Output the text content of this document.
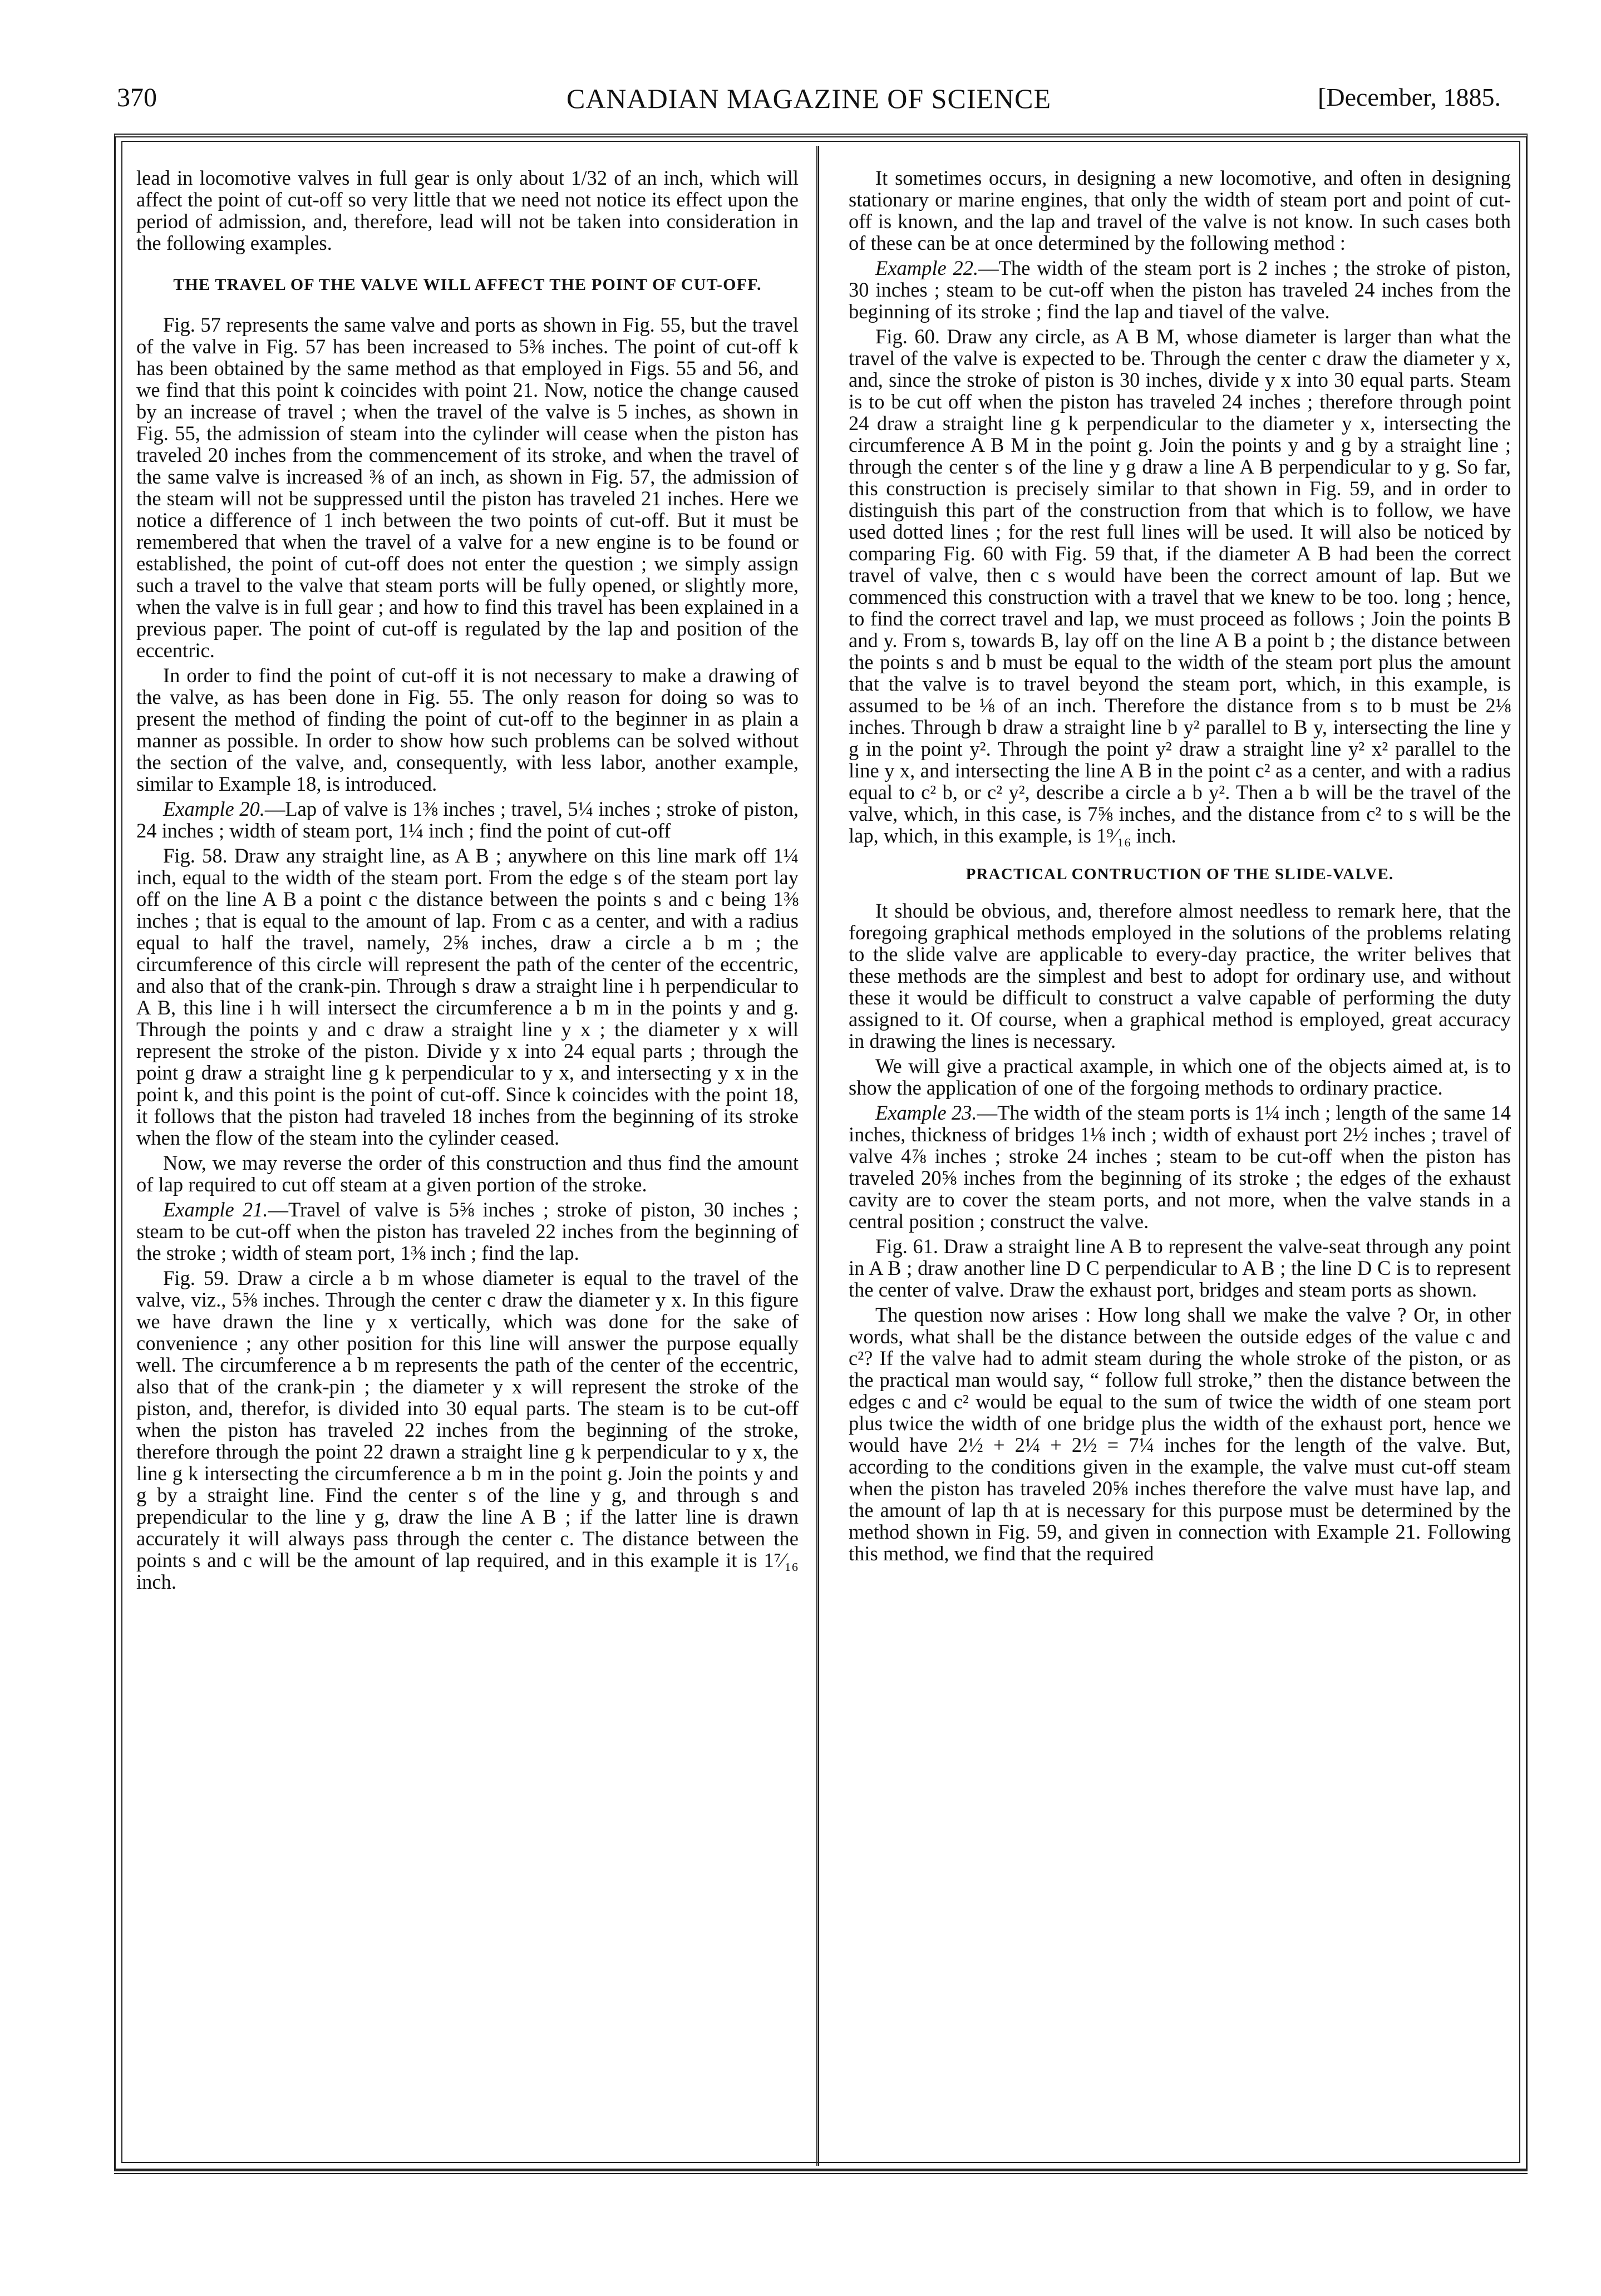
370	CANADIAN MAGAZINE OF SCIENCE	[December, 1885.

lead in locomotive valves in full gear is only about 1/32 of an inch, which will affect the point of cut-off so very little that we need not notice its effect upon the period of admission, and, therefore, lead will not be taken into consideration in the following examples.

THE TRAVEL OF THE VALVE WILL AFFECT THE POINT OF CUT-OFF.

Fig. 57 represents the same valve and ports as shown in Fig. 55, but the travel of the valve in Fig. 57 has been increased to 5⅜ inches. The point of cut-off k has been obtained by the same method as that employed in Figs. 55 and 56, and we find that this point k coincides with point 21. Now, notice the change caused by an increase of travel ; when the travel of the valve is 5 inches, as shown in Fig. 55, the admission of steam into the cylinder will cease when the piston has traveled 20 inches from the commencement of its stroke, and when the travel of the same valve is increased ⅜ of an inch, as shown in Fig. 57, the admission of the steam will not be suppressed until the piston has traveled 21 inches. Here we notice a difference of 1 inch between the two points of cut-off. But it must be remembered that when the travel of a valve for a new engine is to be found or established, the point of cut-off does not enter the question ; we simply assign such a travel to the valve that steam ports will be fully opened, or slightly more, when the valve is in full gear ; and how to find this travel has been explained in a previous paper. The point of cut-off is regulated by the lap and position of the eccentric.

In order to find the point of cut-off it is not necessary to make a drawing of the valve, as has been done in Fig. 55. The only reason for doing so was to present the method of finding the point of cut-off to the beginner in as plain a manner as possible. In order to show how such problems can be solved without the section of the valve, and, consequently, with less labor, another example, similar to Example 18, is introduced.

Example 20.—Lap of valve is 1⅜ inches ; travel, 5¼ inches ; stroke of piston, 24 inches ; width of steam port, 1¼ inch ; find the point of cut-off

Fig. 58. Draw any straight line, as A B ; anywhere on this line mark off 1¼ inch, equal to the width of the steam port. From the edge s of the steam port lay off on the line A B a point c the distance between the points s and c being 1⅜ inches ; that is equal to the amount of lap. From c as a center, and with a radius equal to half the travel, namely, 2⅝ inches, draw a circle a b m ; the circumference of this circle will represent the path of the center of the eccentric, and also that of the crank-pin. Through s draw a straight line i h perpendicular to A B, this line i h will intersect the circumference a b m in the points y and g. Through the points y and c draw a straight line y x ; the diameter y x will represent the stroke of the piston. Divide y x into 24 equal parts ; through the point g draw a straight line g k perpendicular to y x, and intersecting y x in the point k, and this point is the point of cut-off. Since k coincides with the point 18, it follows that the piston had traveled 18 inches from the beginning of its stroke when the flow of the steam into the cylinder ceased.

Now, we may reverse the order of this construction and thus find the amount of lap required to cut off steam at a given portion of the stroke.

Example 21.—Travel of valve is 5⅝ inches ; stroke of piston, 30 inches ; steam to be cut-off when the piston has traveled 22 inches from the beginning of the stroke ; width of steam port, 1⅜ inch ; find the lap.

Fig. 59. Draw a circle a b m whose diameter is equal to the travel of the valve, viz., 5⅝ inches. Through the center c draw the diameter y x. In this figure we have drawn the line y x vertically, which was done for the sake of convenience ; any other position for this line will answer the purpose equally well. The circumference a b m represents the path of the center of the eccentric, also that of the crank-pin ; the diameter y x will represent the stroke of the piston, and, therefor, is divided into 30 equal parts. The steam is to be cut-off when the piston has traveled 22 inches from the beginning of the stroke, therefore through the point 22 drawn a straight line g k perpendicular to y x, the line g k intersecting the circumference a b m in the point g. Join the points y and g by a straight line. Find the center s of the line y g, and through s and prependicular to the line y g, draw the line A B ; if the latter line is drawn accurately it will always pass through the center c. The distance between the points s and c will be the amount of lap required, and in this example it is 1⁷⁄₁₆ inch.

It sometimes occurs, in designing a new locomotive, and often in designing stationary or marine engines, that only the width of steam port and point of cut-off is known, and the lap and travel of the valve is not know. In such cases both of these can be at once determined by the following method :

Example 22.—The width of the steam port is 2 inches ; the stroke of piston, 30 inches ; steam to be cut-off when the piston has traveled 24 inches from the beginning of its stroke ; find the lap and tiavel of the valve.

Fig. 60. Draw any circle, as A B M, whose diameter is larger than what the travel of the valve is expected to be. Through the center c draw the diameter y x, and, since the stroke of piston is 30 inches, divide y x into 30 equal parts. Steam is to be cut off when the piston has traveled 24 inches ; therefore through point 24 draw a straight line g k perpendicular to the diameter y x, intersecting the circumference A B M in the point g. Join the points y and g by a straight line ; through the center s of the line y g draw a line A B perpendicular to y g. So far, this construction is precisely similar to that shown in Fig. 59, and in order to distinguish this part of the construction from that which is to follow, we have used dotted lines ; for the rest full lines will be used. It will also be noticed by comparing Fig. 60 with Fig. 59 that, if the diameter A B had been the correct travel of valve, then c s would have been the correct amount of lap. But we commenced this construction with a travel that we knew to be too. long ; hence, to find the correct travel and lap, we must proceed as follows ; Join the points B and y. From s, towards B, lay off on the line A B a point b ; the distance between the points s and b must be equal to the width of the steam port plus the amount that the valve is to travel beyond the steam port, which, in this example, is assumed to be ⅛ of an inch. Therefore the distance from s to b must be 2⅛ inches. Through b draw a straight line b y² parallel to B y, intersecting the line y g in the point y². Through the point y² draw a straight line y² x² parallel to the line y x, and intersecting the line A B in the point c² as a center, and with a radius equal to c² b, or c² y², describe a circle a b y². Then a b will be the travel of the valve, which, in this case, is 7⅝ inches, and the distance from c² to s will be the lap, which, in this example, is 1⁹⁄₁₆ inch.

PRACTICAL CONTRUCTION OF THE SLIDE-VALVE.

It should be obvious, and, therefore almost needless to remark here, that the foregoing graphical methods employed in the solutions of the problems relating to the slide valve are applicable to every-day practice, the writer belives that these methods are the simplest and best to adopt for ordinary use, and without these it would be difficult to construct a valve capable of performing the duty assigned to it. Of course, when a graphical method is employed, great accuracy in drawing the lines is necessary.

We will give a practical axample, in which one of the objects aimed at, is to show the application of one of the forgoing methods to ordinary practice.

Example 23.—The width of the steam ports is 1¼ inch ; length of the same 14 inches, thickness of bridges 1⅛ inch ; width of exhaust port 2½ inches ; travel of valve 4⅞ inches ; stroke 24 inches ; steam to be cut-off when the piston has traveled 20⅝ inches from the beginning of its stroke ; the edges of the exhaust cavity are to cover the steam ports, and not more, when the valve stands in a central position ; construct the valve.

Fig. 61. Draw a straight line A B to represent the valve-seat through any point in A B ; draw another line D C perpendicular to A B ; the line D C is to represent the center of valve. Draw the exhaust port, bridges and steam ports as shown.

The question now arises : How long shall we make the valve ? Or, in other words, what shall be the distance between the outside edges of the value c and c²? If the valve had to admit steam during the whole stroke of the piston, or as the practical man would say, “ follow full stroke,” then the distance between the edges c and c² would be equal to the sum of twice the width of one steam port plus twice the width of one bridge plus the width of the exhaust port, hence we would have 2½ + 2¼ + 2½ = 7¼ inches for the length of the valve. But, according to the conditions given in the example, the valve must cut-off steam when the piston has traveled 20⅝ inches therefore the valve must have lap, and the amount of lap th at is necessary for this purpose must be determined by the method shown in Fig. 59, and given in connection with Example 21. Following this method, we find that the required
